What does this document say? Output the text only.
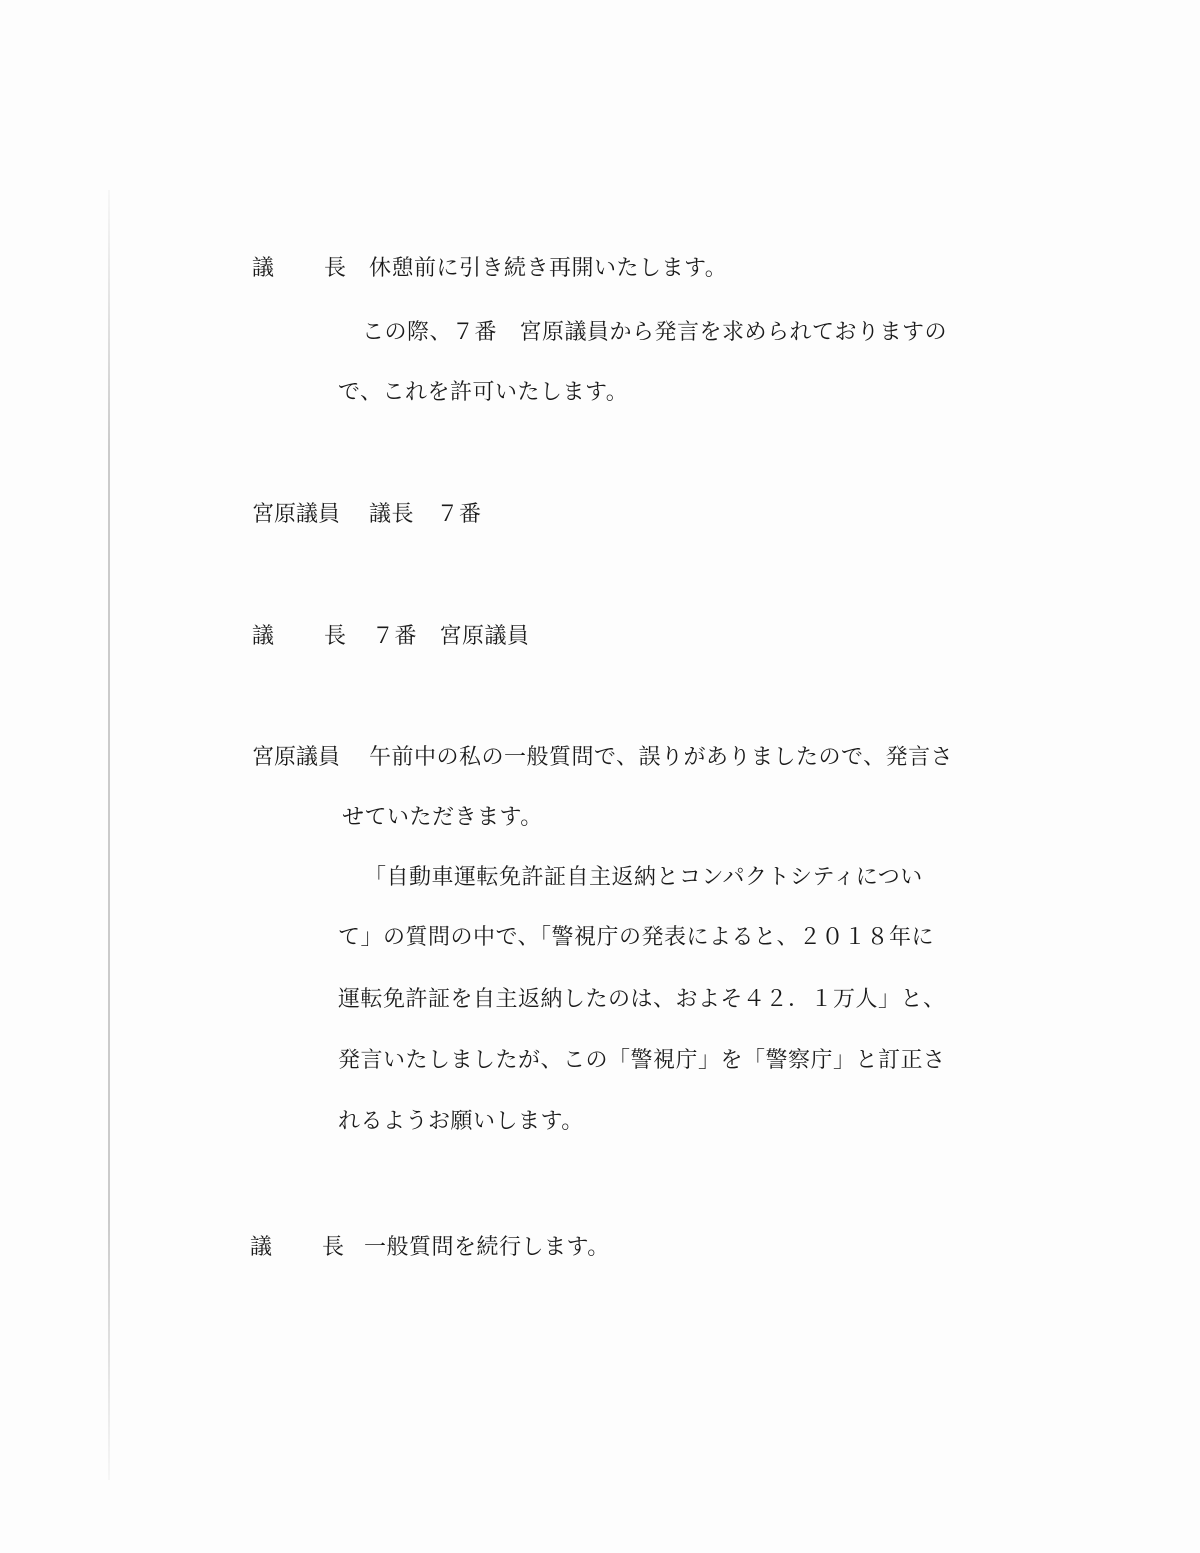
議 長 休憩前に引き続き再開いたします。
この際、７番　宮原議員から発言を求められておりますの
で、これを許可いたします。
宮原議員 議長　７番
議 長 ７番　宮原議員
宮原議員 午前中の私の一般質問で、誤りがありましたので、発言さ
せていただきます。
「自動車運転免許証自主返納とコンパクトシティについ
て」の質問の中で、「警視庁の発表によると、２０１８年に
運転免許証を自主返納したのは、およそ４２．１万人」と、
発言いたしましたが、この「警視庁」を「警察庁」と訂正さ
れるようお願いします。
議 長 一般質問を続行します。
